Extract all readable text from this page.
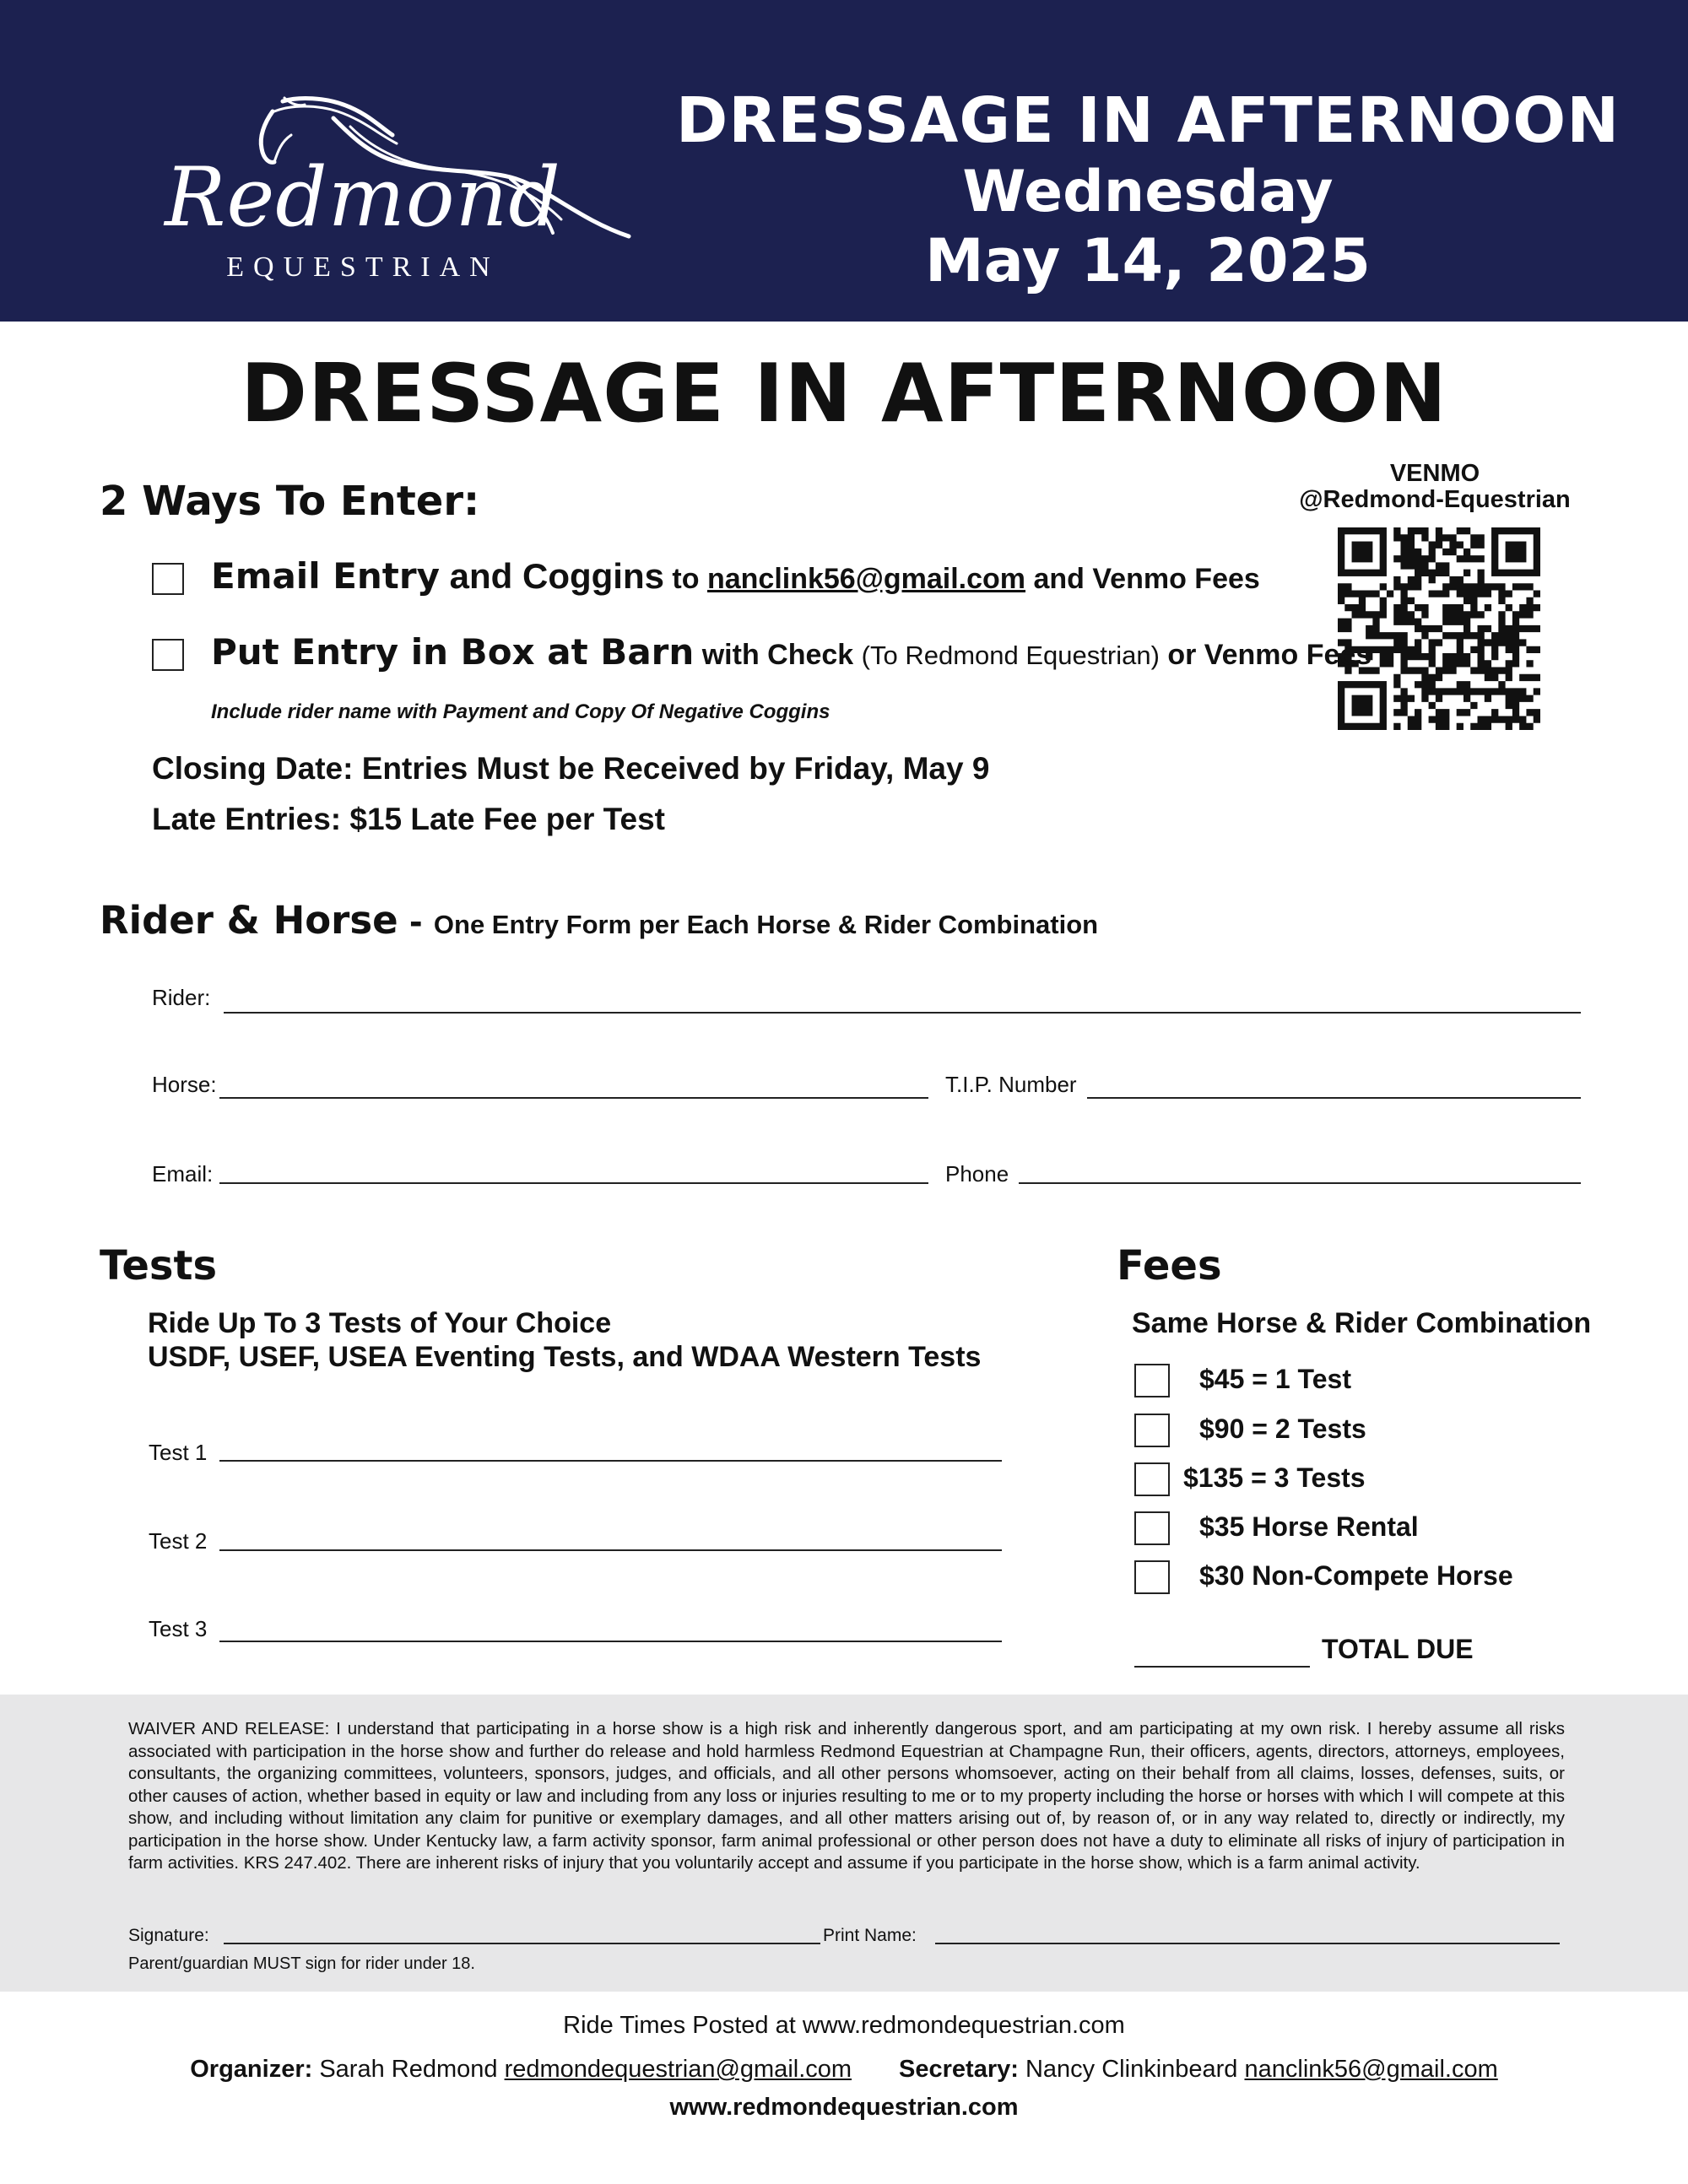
Redmond
EQUESTRIAN
DRESSAGE IN AFTERNOON
Wednesday
May 14, 2025
DRESSAGE IN AFTERNOON
VENMO
@Redmond-Equestrian
2 Ways To Enter:
Email Entry and Coggins to nanclink56@gmail.com and Venmo Fees
Put Entry in Box at Barn with Check (To Redmond Equestrian) or Venmo Fees
Include rider name with Payment and Copy Of Negative Coggins
Closing Date: Entries Must be Received by Friday, May 9
Late Entries: $15 Late Fee per Test
Rider & Horse - One Entry Form per Each Horse & Rider Combination
Rider:
Horse:	T.I.P. Number
Email:	Phone
Tests
Ride Up To 3 Tests of Your Choice
USDF, USEF, USEA Eventing Tests, and WDAA Western Tests
Test 1
Test 2
Test 3
Fees
Same Horse & Rider Combination
$45 = 1 Test
$90 = 2 Tests
$135 = 3 Tests
$35 Horse Rental
$30 Non-Compete Horse
TOTAL DUE
WAIVER AND RELEASE: I understand that participating in a horse show is a high risk and inherently dangerous sport, and am participating at my own risk. I hereby assume all risks associated with participation in the horse show and further do release and hold harmless Redmond Equestrian at Champagne Run, their officers, agents, directors, attorneys, employees, consultants, the organizing committees, volunteers, sponsors, judges, and officials, and all other persons whomsoever, acting on their behalf from all claims, losses, defenses, suits, or other causes of action, whether based in equity or law and including from any loss or injuries resulting to me or to my property including the horse or horses with which I will compete at this show, and including without limitation any claim for punitive or exemplary damages, and all other matters arising out of, by reason of, or in any way related to, directly or indirectly, my participation in the horse show. Under Kentucky law, a farm activity sponsor, farm animal professional or other person does not have a duty to eliminate all risks of injury of participation in farm activities. KRS 247.402. There are inherent risks of injury that you voluntarily accept and assume if you participate in the horse show, which is a farm animal activity.
Signature:	Print Name:
Parent/guardian MUST sign for rider under 18.
Ride Times Posted at www.redmondequestrian.com
Organizer: Sarah Redmond redmondequestrian@gmail.com Secretary: Nancy Clinkinbeard nanclink56@gmail.com
www.redmondequestrian.com
